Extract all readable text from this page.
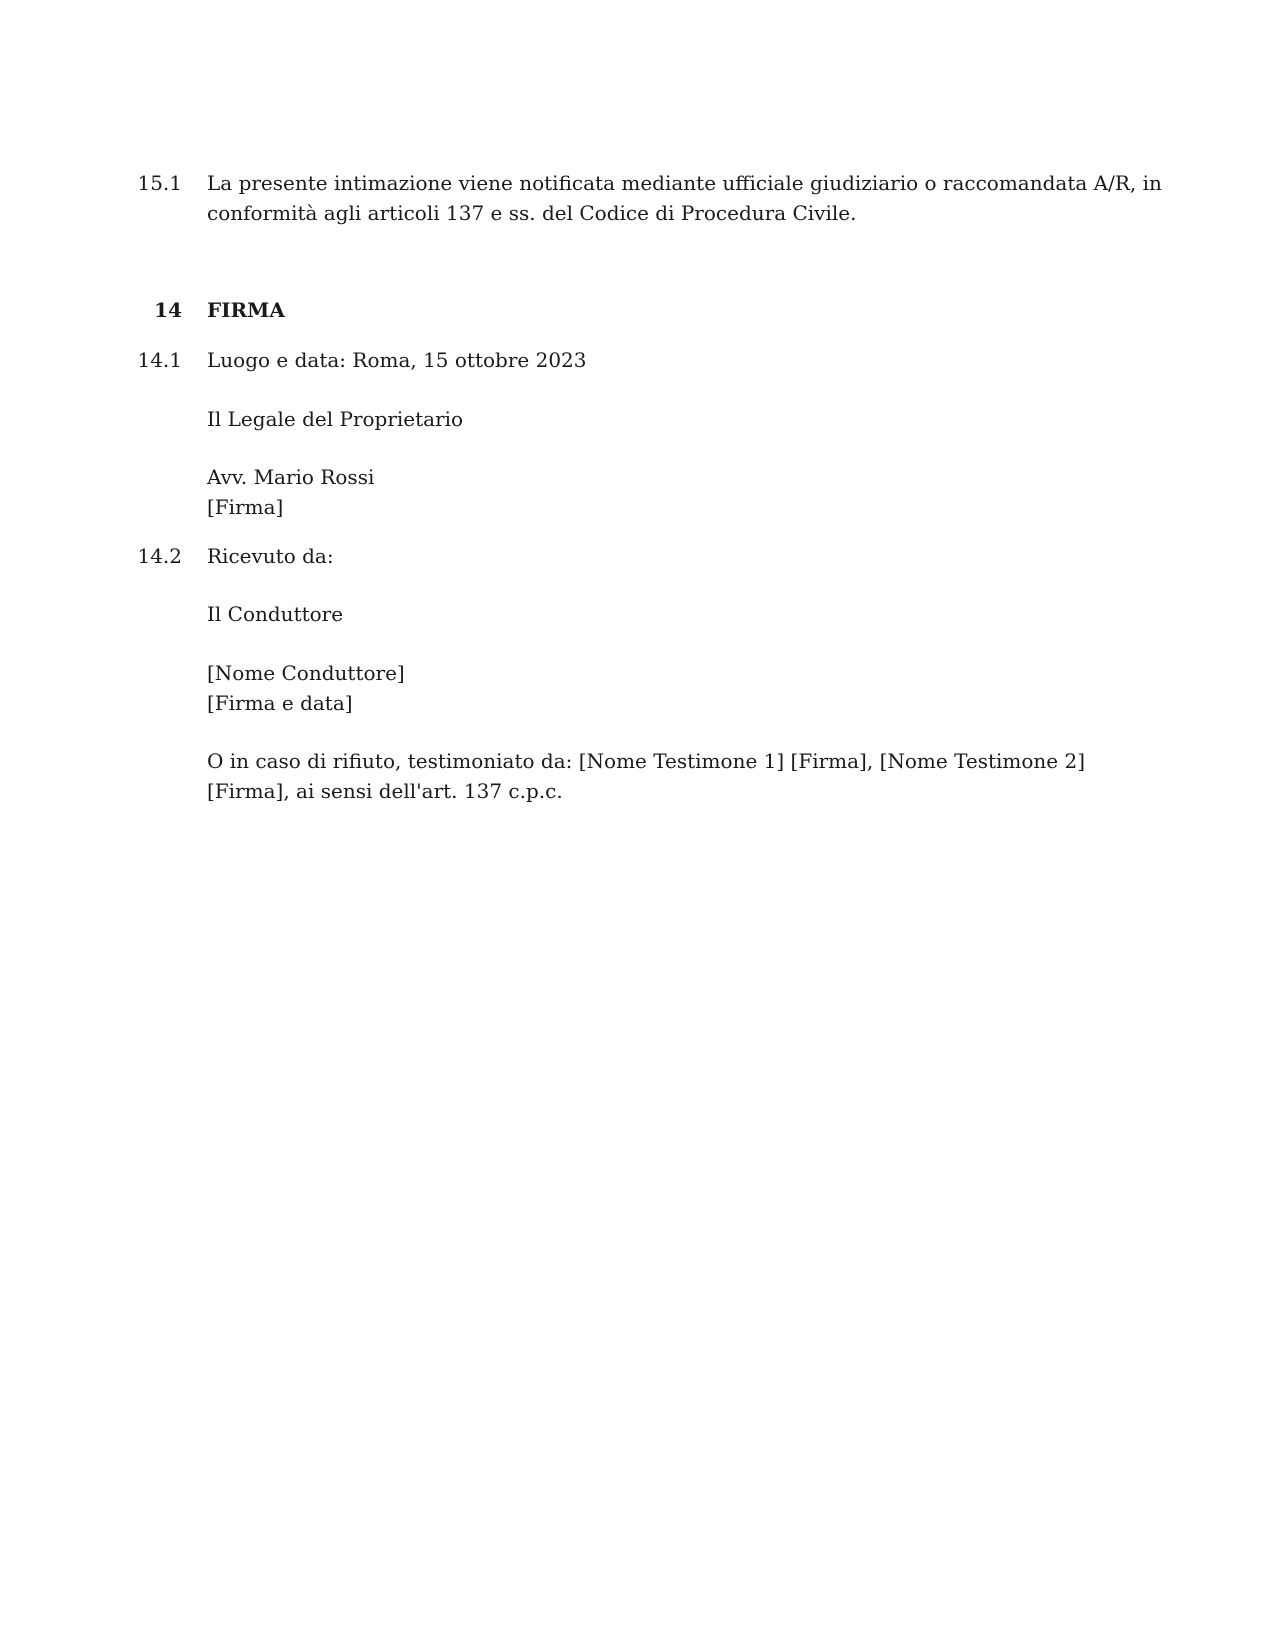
15.1 La presente intimazione viene notificata mediante ufficiale giudiziario o raccomandata A/R, in
conformità agli articoli 137 e ss. del Codice di Procedura Civile.
14 FIRMA
14.1 Luogo e data: Roma, 15 ottobre 2023
Il Legale del Proprietario
Avv. Mario Rossi
[Firma]
14.2 Ricevuto da:
Il Conduttore
[Nome Conduttore]
[Firma e data]
O in caso di rifiuto, testimoniato da: [Nome Testimone 1] [Firma], [Nome Testimone 2]
[Firma], ai sensi dell'art. 137 c.p.c.
